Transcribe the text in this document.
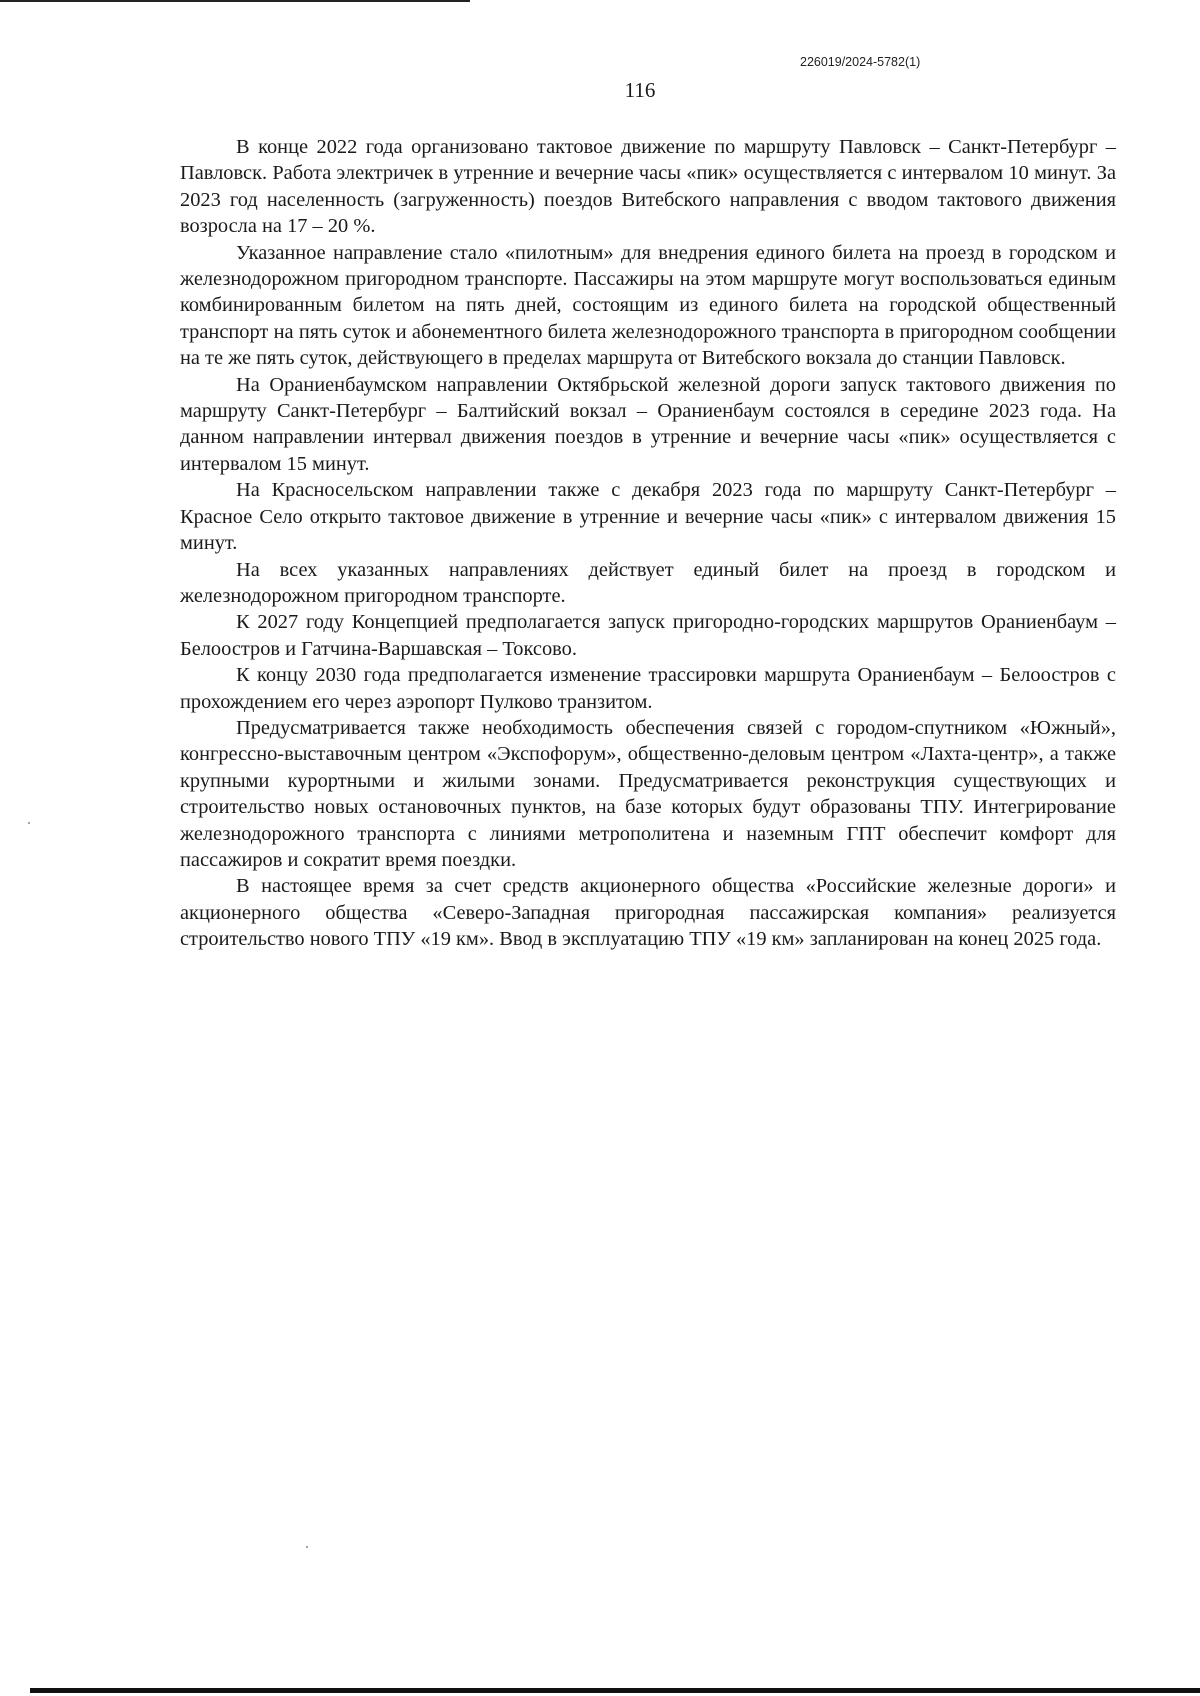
226019/2024-5782(1)
116

В конце 2022 года организовано тактовое движение по маршруту Павловск – Санкт-Петербург – Павловск. Работа электричек в утренние и вечерние часы «пик» осуществляется с интервалом 10 минут. За 2023 год населенность (загруженность) поездов Витебского направления с вводом тактового движения возросла на 17 – 20 %.

Указанное направление стало «пилотным» для внедрения единого билета на проезд в городском и железнодорожном пригородном транспорте. Пассажиры на этом маршруте могут воспользоваться единым комбинированным билетом на пять дней, состоящим из единого билета на городской общественный транспорт на пять суток и абонементного билета железнодорожного транспорта в пригородном сообщении на те же пять суток, действующего в пределах маршрута от Витебского вокзала до станции Павловск.

На Ораниенбаумском направлении Октябрьской железной дороги запуск тактового движения по маршруту Санкт-Петербург – Балтийский вокзал – Ораниенбаум состоялся в середине 2023 года. На данном направлении интервал движения поездов в утренние и вечерние часы «пик» осуществляется с интервалом 15 минут.

На Красносельском направлении также с декабря 2023 года по маршруту Санкт-Петербург – Красное Село открыто тактовое движение в утренние и вечерние часы «пик» с интервалом движения 15 минут.

На всех указанных направлениях действует единый билет на проезд в городском и железнодорожном пригородном транспорте.

К 2027 году Концепцией предполагается запуск пригородно-городских маршрутов Ораниенбаум – Белоостров и Гатчина-Варшавская – Токсово.

К концу 2030 года предполагается изменение трассировки маршрута Ораниенбаум – Белоостров с прохождением его через аэропорт Пулково транзитом.

Предусматривается также необходимость обеспечения связей с городом-спутником «Южный», конгрессно-выставочным центром «Экспофорум», общественно-деловым центром «Лахта-центр», а также крупными курортными и жилыми зонами. Предусматривается реконструкция существующих и строительство новых остановочных пунктов, на базе которых будут образованы ТПУ. Интегрирование железнодорожного транспорта с линиями метрополитена и наземным ГПТ обеспечит комфорт для пассажиров и сократит время поездки.

В настоящее время за счет средств акционерного общества «Российские железные дороги» и акционерного общества «Северо-Западная пригородная пассажирская компания» реализуется строительство нового ТПУ «19 км». Ввод в эксплуатацию ТПУ «19 км» запланирован на конец 2025 года.
